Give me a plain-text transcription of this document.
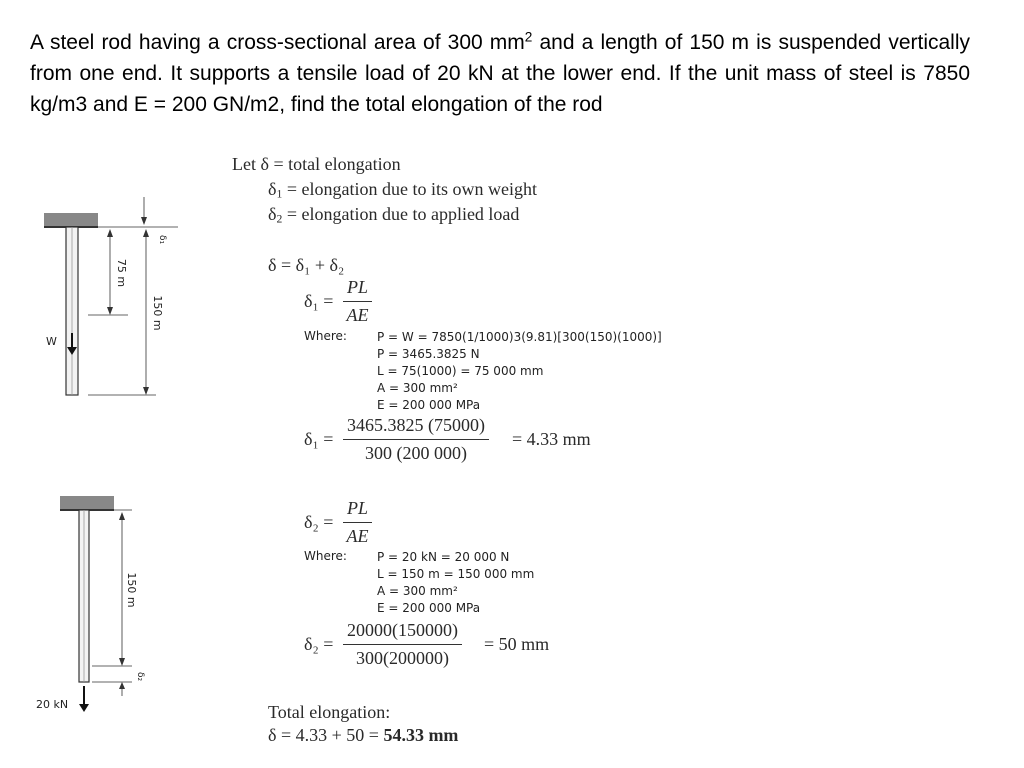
A steel rod having a cross-sectional area of 300 $mm^2$ and a length of 150 m is suspended vertically from one end. It supports a tensile load of 20 kN at the lower end. If the unit mass of steel is 7850 kg/m3 and E = 200 GN/m2, find the total elongation of the rod
Let δ = total elongation
$\delta_1$ = elongation due to its own weight
$\delta_2$ = elongation due to applied load
δ = δ₁ + δ₂
$\delta_1 = \frac{PL}{AE}$
Where:	P = W = 7850(1/1000)3(9.81)[300(150)(1000)]
P = 3465.3825 N
L = 75(1000) = 75 000 mm
A = 300 mm²
E = 200 000 MPa
$\delta_1 = \frac{3465.3825 (75000)}{300 (200 000)} = 4.33$ mm
$\delta_2 = \frac{PL}{AE}$
Where:	P = 20 kN = 20 000 N
L = 150 m = 150 000 mm
A = 300 mm²
E = 200 000 MPa
$\delta_2 = \frac{20000(150000)}{300(200000)} = 50$ mm
Total elongation:
δ = 4.33 + 50 = 54.33 mm
W
75 m
150 m
δ₁
150 m
δ₂
20 kN
